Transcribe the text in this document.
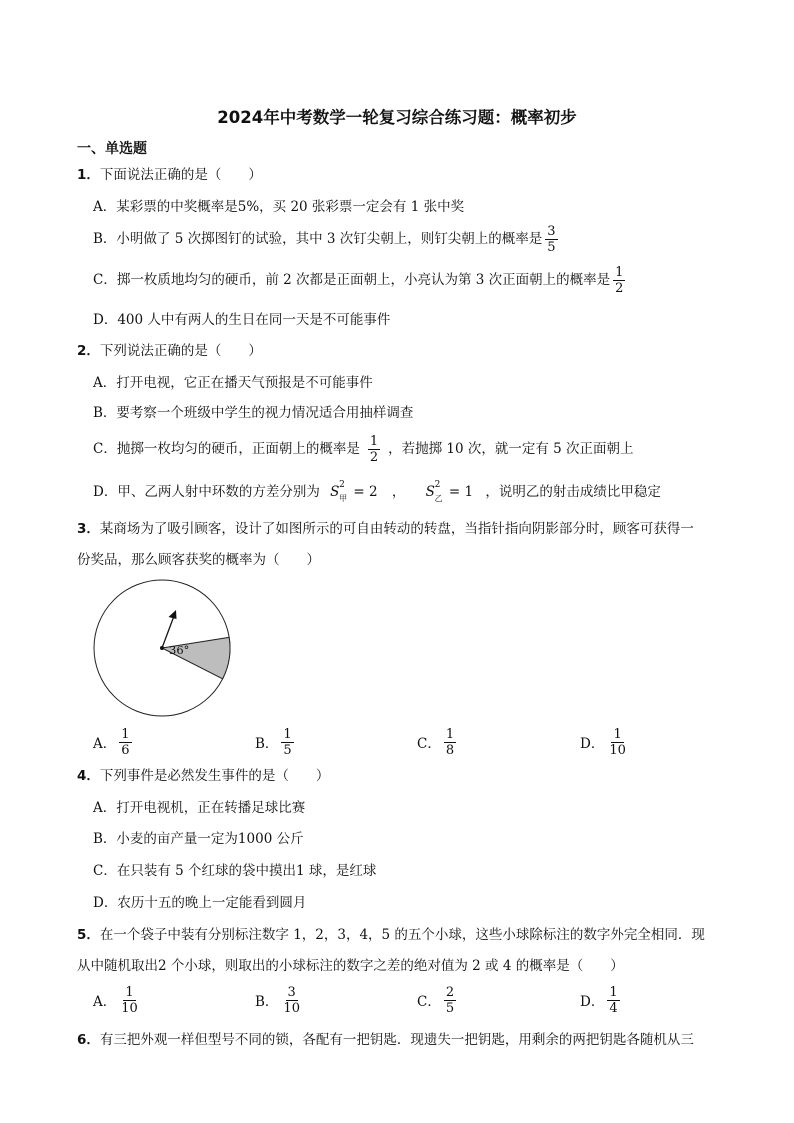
2024年中考数学一轮复习综合练习题：概率初步
一、单选题
1．下面说法正确的是（　　）
A．某彩票的中奖概率是5%，买 20 张彩票一定会有 1 张中奖
B．小明做了 5 次掷图钉的试验，其中 3 次钉尖朝上，则钉尖朝上的概率是 $\frac{3}{5}$
C．掷一枚质地均匀的硬币，前 2 次都是正面朝上，小亮认为第 3 次正面朝上的概率是 $\frac{1}{2}$
D．400 人中有两人的生日在同一天是不可能事件
2．下列说法正确的是（　　）
A．打开电视，它正在播天气预报是不可能事件
B．要考察一个班级中学生的视力情况适合用抽样调查
C．抛掷一枚均匀的硬币，正面朝上的概率是 $\frac{1}{2}$ ，若抛掷 10 次，就一定有 5 次正面朝上
D．甲、乙两人射中环数的方差分别为 S 2
甲 = 2 ， S 2
乙 = 1 ，说明乙的射击成绩比甲稳定
3．某商场为了吸引顾客，设计了如图所示的可自由转动的转盘，当指针指向阴影部分时，顾客可获得一
份奖品，那么顾客获奖的概率为（　　）
36°
A． $\frac{1}{6}$	B． $\frac{1}{5}$	C． $\frac{1}{8}$	D． $\frac{1}{10}$
4．下列事件是必然发生事件的是（　　）
A．打开电视机，正在转播足球比赛
B．小麦的亩产量一定为1000 公斤
C．在只装有 5 个红球的袋中摸出1 球，是红球
D．农历十五的晚上一定能看到圆月
5．在一个袋子中装有分别标注数字 1，2，3，4，5 的五个小球，这些小球除标注的数字外完全相同．现
从中随机取出2 个小球，则取出的小球标注的数字之差的绝对值为 2 或 4 的概率是（　　）
A． $\frac{1}{10}$	B． $\frac{3}{10}$	C． $\frac{2}{5}$	D． $\frac{1}{4}$
6．有三把外观一样但型号不同的锁，各配有一把钥匙．现遗失一把钥匙，用剩余的两把钥匙各随机从三
